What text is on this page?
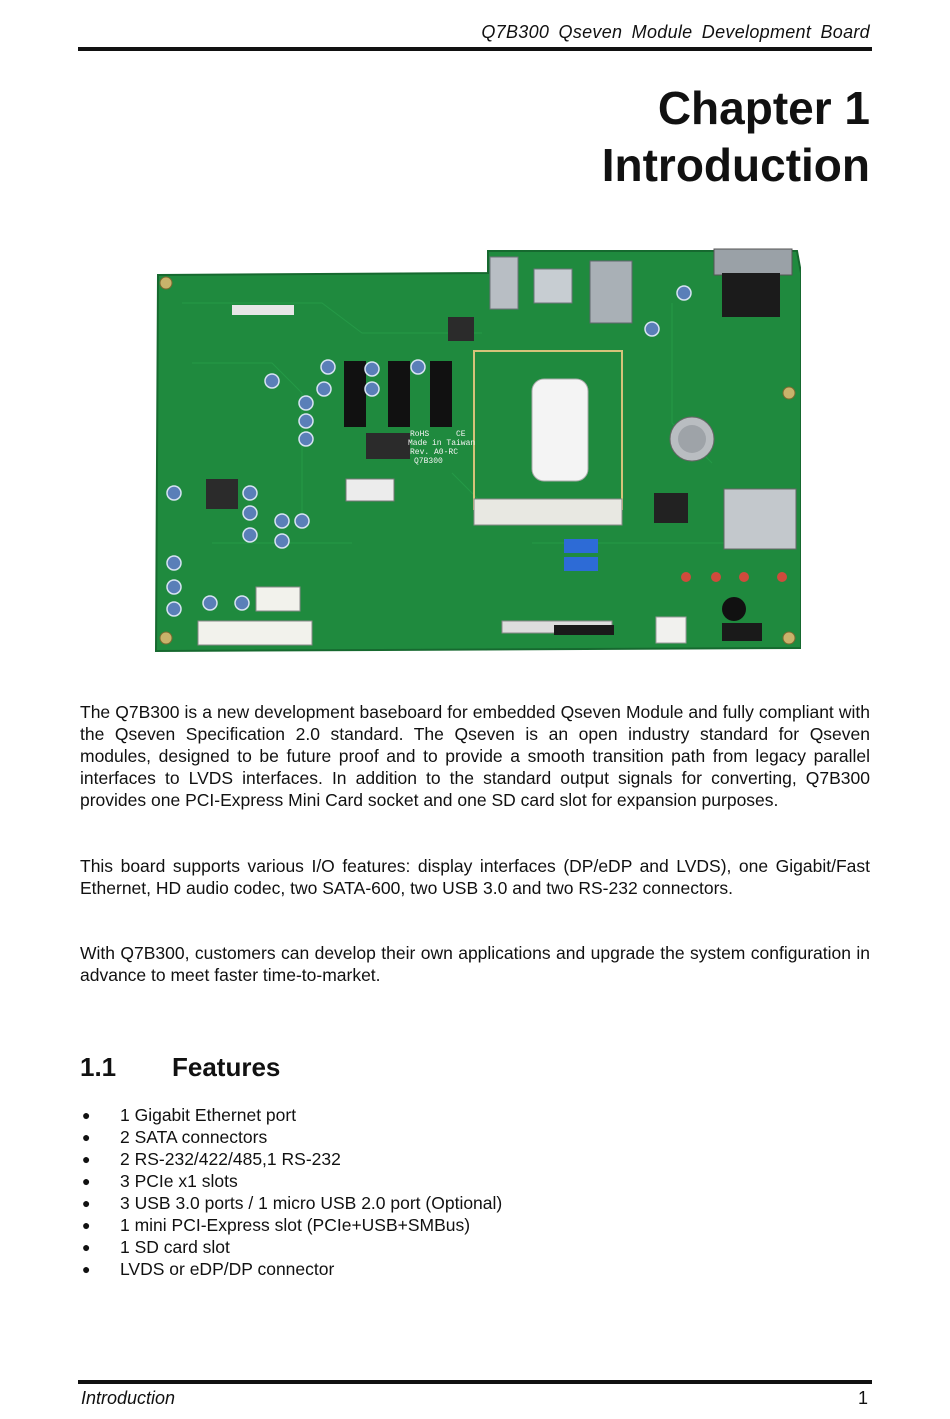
Q7B300 Qseven Module Development Board
Chapter 1
Introduction
RoHS	CE
Q7B300
Rev. A0-RC
Made in Taiwan
The Q7B300 is a new development baseboard for embedded Qseven Module and fully compliant with the Qseven Specification 2.0 standard. The Qseven is an open industry standard for Qseven modules, designed to be future proof and to provide a smooth transition path from legacy parallel interfaces to LVDS interfaces. In addition to the standard output signals for converting, Q7B300 provides one PCI-Express Mini Card socket and one SD card slot for expansion purposes.
This board supports various I/O features: display interfaces (DP/eDP and LVDS), one Gigabit/Fast Ethernet, HD audio codec, two SATA-600, two USB 3.0 and two RS-232 connectors.
With Q7B300, customers can develop their own applications and upgrade the system configuration in advance to meet faster time-to-market.
1.1 Features
● 1 Gigabit Ethernet port
● 2 SATA connectors
● 2 RS-232/422/485,1 RS-232
● 3 PCIe x1 slots
● 3 USB 3.0 ports / 1 micro USB 2.0 port (Optional)
● 1 mini PCI-Express slot (PCIe+USB+SMBus)
● 1 SD card slot
● LVDS or eDP/DP connector
Introduction	1
